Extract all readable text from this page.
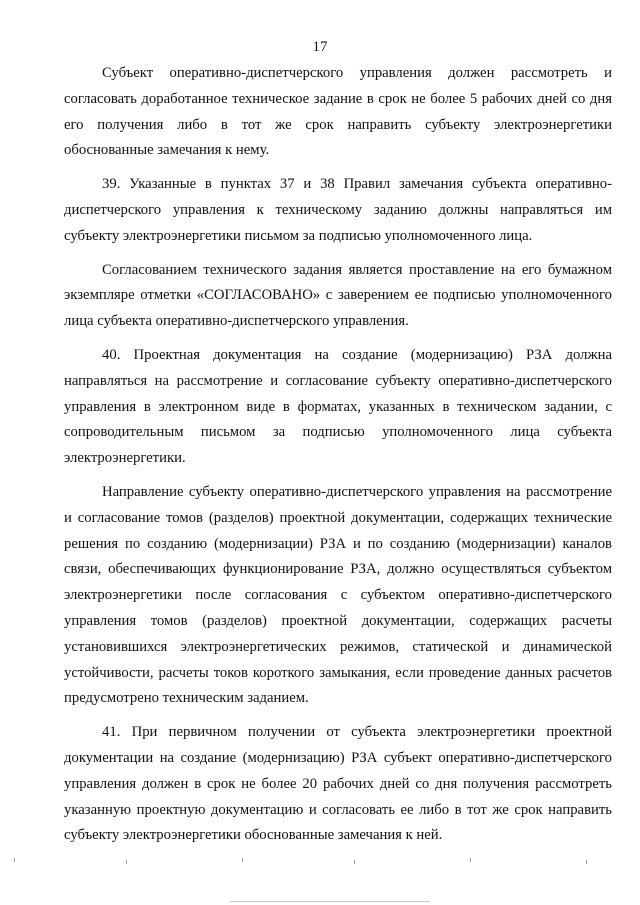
17

Субъект оперативно-диспетчерского управления должен рассмотреть и согласовать доработанное техническое задание в срок не более 5 рабочих дней со дня его получения либо в тот же срок направить субъекту электроэнергетики обоснованные замечания к нему.

39. Указанные в пунктах 37 и 38 Правил замечания субъекта оперативно-диспетчерского управления к техническому заданию должны направляться им субъекту электроэнергетики письмом за подписью уполномоченного лица.

Согласованием технического задания является проставление на его бумажном экземпляре отметки «СОГЛАСОВАНО» с заверением ее подписью уполномоченного лица субъекта оперативно-диспетчерского управления.

40. Проектная документация на создание (модернизацию) РЗА должна направляться на рассмотрение и согласование субъекту оперативно-диспетчерского управления в электронном виде в форматах, указанных в техническом задании, с сопроводительным письмом за подписью уполномоченного лица субъекта электроэнергетики.

Направление субъекту оперативно-диспетчерского управления на рассмотрение и согласование томов (разделов) проектной документации, содержащих технические решения по созданию (модернизации) РЗА и по созданию (модернизации) каналов связи, обеспечивающих функционирование РЗА, должно осуществляться субъектом электроэнергетики после согласования с субъектом оперативно-диспетчерского управления томов (разделов) проектной документации, содержащих расчеты установившихся электроэнергетических режимов, статической и динамической устойчивости, расчеты токов короткого замыкания, если проведение данных расчетов предусмотрено техническим заданием.

41. При первичном получении от субъекта электроэнергетики проектной документации на создание (модернизацию) РЗА субъект оперативно-диспетчерского управления должен в срок не более 20 рабочих дней со дня получения рассмотреть указанную проектную документацию и согласовать ее либо в тот же срок направить субъекту электроэнергетики обоснованные замечания к ней.
